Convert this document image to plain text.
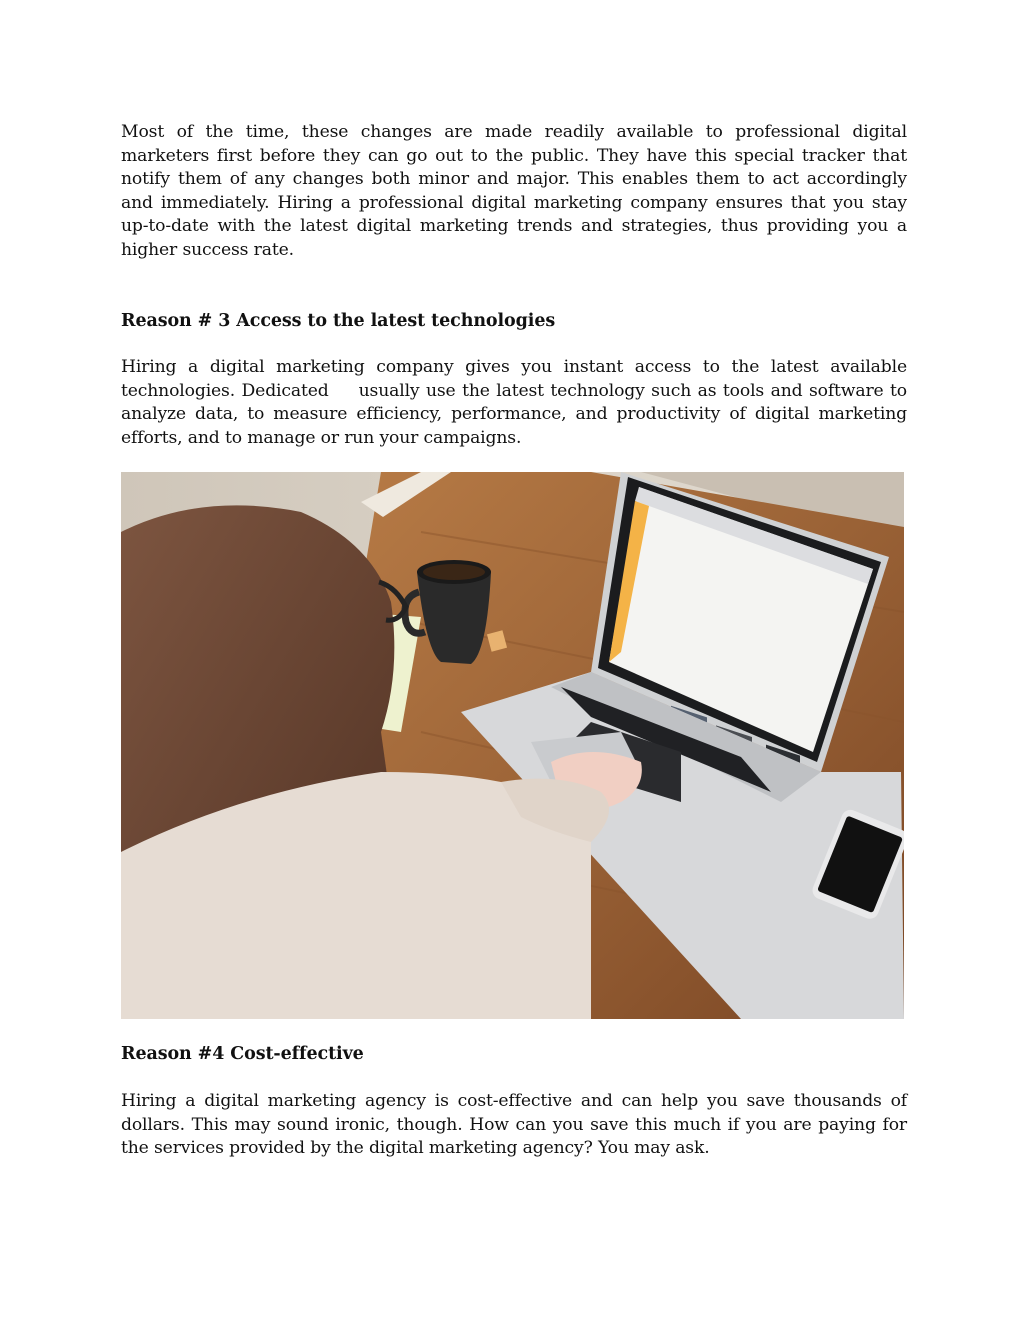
Most of the time, these changes are made readily available to professional digital marketers first before they can go out to the public. They have this special tracker that notify them of any changes both minor and major. This enables them to act accordingly and immediately. Hiring a professional digital marketing company ensures that you stay up-to-date with the latest digital marketing trends and strategies, thus providing you a higher success rate.

Reason # 3 Access to the latest technologies

Hiring a digital marketing company gives you instant access to the latest available technologies. Dedicated usually use the latest technology such as tools and software to analyze data, to measure efficiency, performance, and productivity of digital marketing efforts, and to manage or run your campaigns.

Reason #4 Cost-effective

Hiring a digital marketing agency is cost-effective and can help you save thousands of dollars. This may sound ironic, though. How can you save this much if you are paying for the services provided by the digital marketing agency? You may ask.
